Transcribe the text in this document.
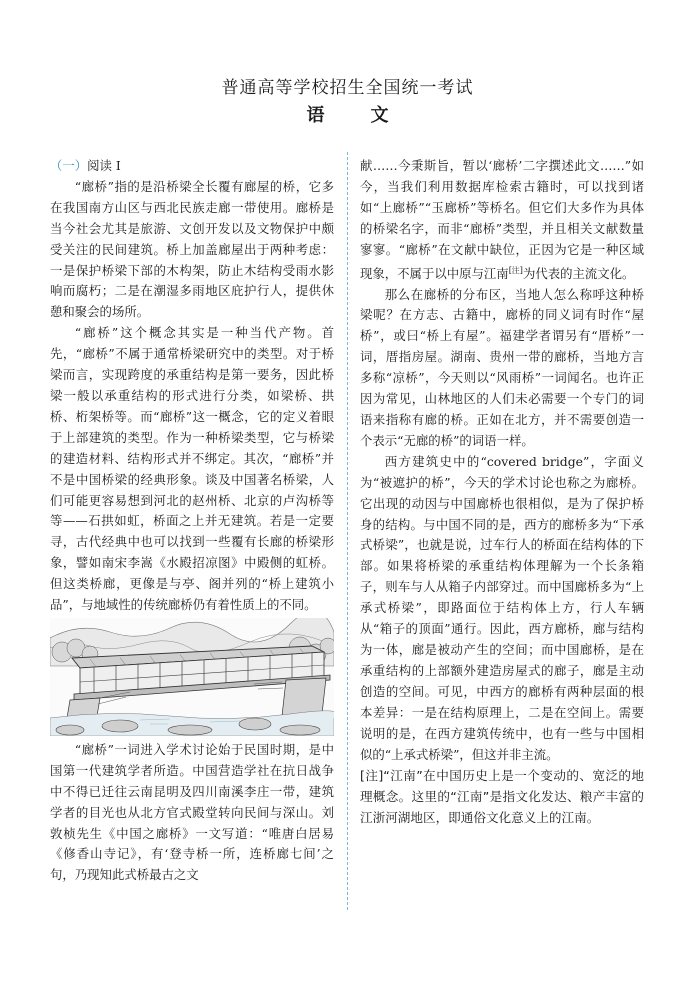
普通高等学校招生全国统一考试
语　文

（一）阅读 I

“廊桥”指的是沿桥梁全长覆有廊屋的桥，它多在我国南方山区与西北民族走廊一带使用。廊桥是当今社会尤其是旅游、文创开发以及文物保护中颇受关注的民间建筑。桥上加盖廊屋出于两种考虑：一是保护桥梁下部的木构架，防止木结构受雨水影响而腐朽；二是在潮湿多雨地区庇护行人，提供休憩和聚会的场所。

“廊桥”这个概念其实是一种当代产物。首先，“廊桥”不属于通常桥梁研究中的类型。对于桥梁而言，实现跨度的承重结构是第一要务，因此桥梁一般以承重结构的形式进行分类，如梁桥、拱桥、桁架桥等。而“廊桥”这一概念，它的定义着眼于上部建筑的类型。作为一种桥梁类型，它与桥梁的建造材料、结构形式并不绑定。其次，“廊桥”并不是中国桥梁的经典形象。谈及中国著名桥梁，人们可能更容易想到河北的赵州桥、北京的卢沟桥等等——石拱如虹，桥面之上并无建筑。若是一定要寻，古代经典中也可以找到一些覆有长廊的桥梁形象，譬如南宋李嵩《水殿招凉图》中殿侧的虹桥。但这类桥廊，更像是与亭、阁并列的“桥上建筑小品”，与地域性的传统廊桥仍有着性质上的不同。

“廊桥”一词进入学术讨论始于民国时期，是中国第一代建筑学者所造。中国营造学社在抗日战争中不得已迁往云南昆明及四川南溪李庄一带，建筑学者的目光也从北方官式殿堂转向民间与深山。刘敦桢先生《中国之廊桥》一文写道：“唯唐白居易《修香山寺记》，有‘登寺桥一所，连桥廊七间’之句，乃现知此式桥最古之文

献……今秉斯旨，暂以‘廊桥’二字撰述此文……”如今，当我们利用数据库检索古籍时，可以找到诸如“上廊桥”“玉廊桥”等桥名。但它们大多作为具体的桥梁名字，而非“廊桥”类型，并且相关文献数量寥寥。“廊桥”在文献中缺位，正因为它是一种区域现象，不属于以中原与江南[注]为代表的主流文化。

那么在廊桥的分布区，当地人怎么称呼这种桥梁呢？在方志、古籍中，廊桥的同义词有时作“屋桥”，或曰“桥上有屋”。福建学者谓另有“厝桥”一词，厝指房屋。湖南、贵州一带的廊桥，当地方言多称“凉桥”，今天则以“风雨桥”一词闻名。也许正因为常见，山林地区的人们未必需要一个专门的词语来指称有廊的桥。正如在北方，并不需要创造一个表示“无廊的桥”的词语一样。

西方建筑史中的“covered bridge”，字面义为“被遮护的桥”，今天的学术讨论也称之为廊桥。它出现的动因与中国廊桥也很相似，是为了保护桥身的结构。与中国不同的是，西方的廊桥多为“下承式桥梁”，也就是说，过车行人的桥面在结构体的下部。如果将桥梁的承重结构体理解为一个长条箱子，则车与人从箱子内部穿过。而中国廊桥多为“上承式桥梁”，即路面位于结构体上方，行人车辆从“箱子的顶面”通行。因此，西方廊桥，廊与结构为一体，廊是被动产生的空间；而中国廊桥，是在承重结构的上部额外建造房屋式的廊子，廊是主动创造的空间。可见，中西方的廊桥有两种层面的根本差异：一是在结构原理上，二是在空间上。需要说明的是，在西方建筑传统中，也有一些与中国相似的“上承式桥梁”，但这并非主流。

[注]“江南”在中国历史上是一个变动的、宽泛的地理概念。这里的“江南”是指文化发达、粮产丰富的江浙河湖地区，即通俗文化意义上的江南。
